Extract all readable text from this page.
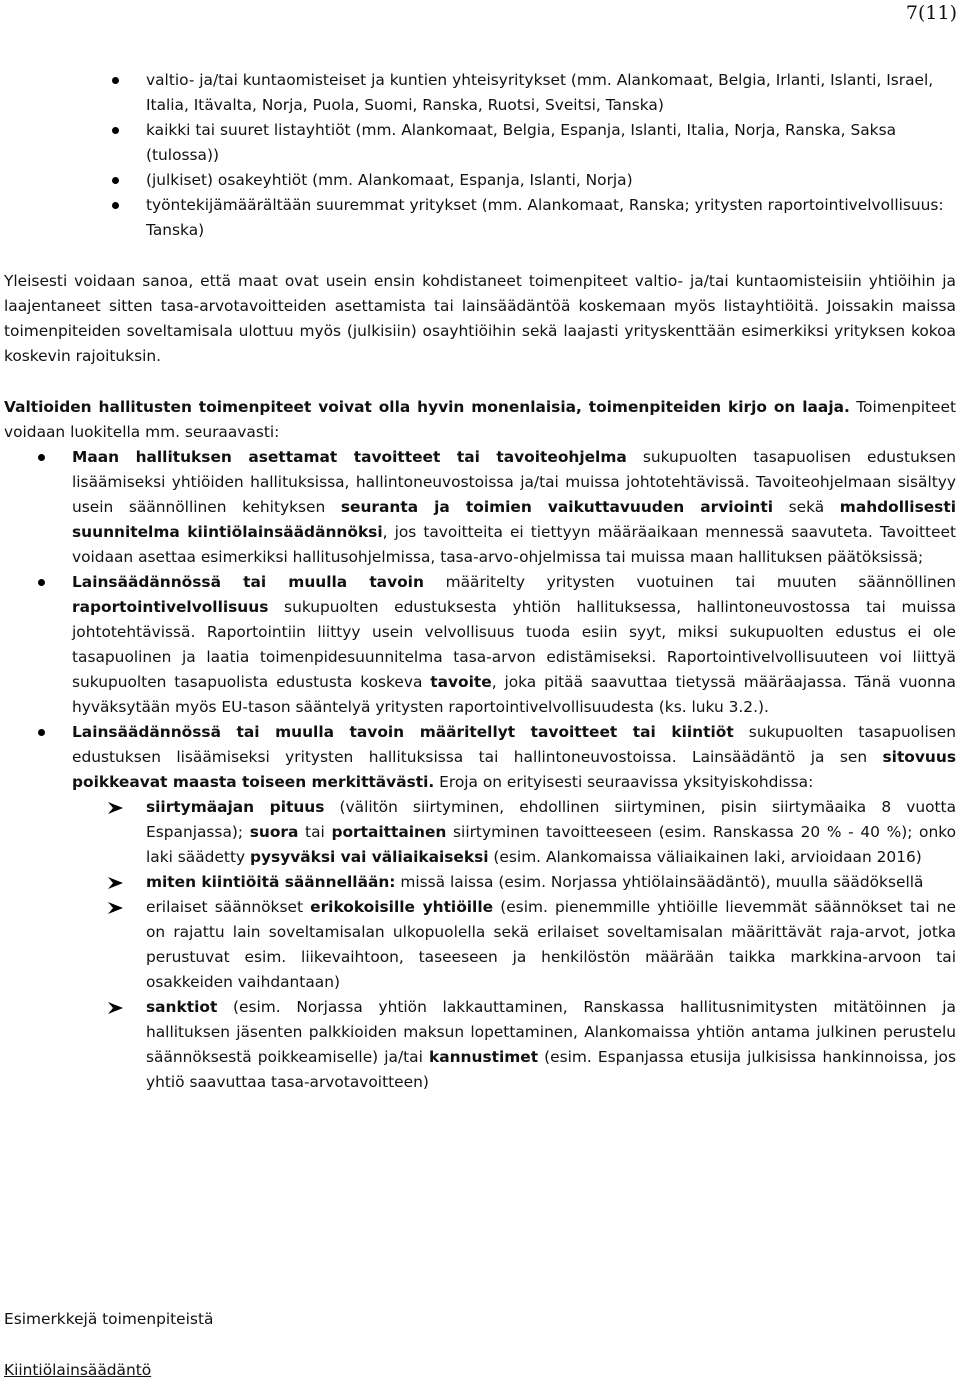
7(11)
valtio- ja/tai kuntaomisteiset ja kuntien yhteisyritykset (mm. Alankomaat, Belgia, Irlanti, Islanti, Israel, Italia, Itävalta, Norja, Puola, Suomi, Ranska, Ruotsi, Sveitsi, Tanska)
kaikki tai suuret listayhtiöt (mm. Alankomaat, Belgia, Espanja, Islanti, Italia, Norja, Ranska, Saksa (tulossa))
(julkiset) osakeyhtiöt (mm. Alankomaat, Espanja, Islanti, Norja)
työntekijämäärältään suuremmat yritykset (mm. Alankomaat, Ranska; yritysten raportointivelvollisuus: Tanska)

Yleisesti voidaan sanoa, että maat ovat usein ensin kohdistaneet toimenpiteet valtio- ja/tai kuntaomisteisiin yhtiöihin ja laajentaneet sitten tasa-arvotavoitteiden asettamista tai lainsäädäntöä koskemaan myös listayhtiöitä. Joissakin maissa toimenpiteiden soveltamisala ulottuu myös (julkisiin) osayhtiöihin sekä laajasti yrityskenttään esimerkiksi yrityksen kokoa koskevin rajoituksin.

Valtioiden hallitusten toimenpiteet voivat olla hyvin monenlaisia, toimenpiteiden kirjo on laaja. Toimenpiteet voidaan luokitella mm. seuraavasti:

Maan hallituksen asettamat tavoitteet tai tavoiteohjelma sukupuolten tasapuolisen edustuksen lisäämiseksi yhtiöiden hallituksissa, hallintoneuvostoissa ja/tai muissa johtotehtävissä. Tavoiteohjelmaan sisältyy usein säännöllinen kehityksen seuranta ja toimien vaikuttavuuden arviointi sekä mahdollisesti suunnitelma kiintiölainsäädännöksi, jos tavoitteita ei tiettyyn määräaikaan mennessä saavuteta. Tavoitteet voidaan asettaa esimerkiksi hallitusohjelmissa, tasa-arvo-ohjelmissa tai muissa maan hallituksen päätöksissä;
Lainsäädännössä tai muulla tavoin määritelty yritysten vuotuinen tai muuten säännöllinen raportointivelvollisuus sukupuolten edustuksesta yhtiön hallituksessa, hallintoneuvostossa tai muissa johtotehtävissä. Raportointiin liittyy usein velvollisuus tuoda esiin syyt, miksi sukupuolten edustus ei ole tasapuolinen ja laatia toimenpidesuunnitelma tasa-arvon edistämiseksi. Raportointivelvollisuuteen voi liittyä sukupuolten tasapuolista edustusta koskeva tavoite, joka pitää saavuttaa tietyssä määräajassa. Tänä vuonna hyväksytään myös EU-tason sääntelyä yritysten raportointivelvollisuudesta (ks. luku 3.2.).
Lainsäädännössä tai muulla tavoin määritellyt tavoitteet tai kiintiöt sukupuolten tasapuolisen edustuksen lisäämiseksi yritysten hallituksissa tai hallintoneuvostoissa. Lainsäädäntö ja sen sitovuus poikkeavat maasta toiseen merkittävästi. Eroja on erityisesti seuraavissa yksityiskohdissa:
siirtymäajan pituus (välitön siirtyminen, ehdollinen siirtyminen, pisin siirtymäaika 8 vuotta Espanjassa); suora tai portaittainen siirtyminen tavoitteeseen (esim. Ranskassa 20 % - 40 %); onko laki säädetty pysyväksi vai väliaikaiseksi (esim. Alankomaissa väliaikainen laki, arvioidaan 2016)
miten kiintiöitä säännellään: missä laissa (esim. Norjassa yhtiölainsäädäntö), muulla säädöksellä
erilaiset säännökset erikokoisille yhtiöille (esim. pienemmille yhtiöille lievemmät säännökset tai ne on rajattu lain soveltamisalan ulkopuolella sekä erilaiset soveltamisalan määrittävät raja-arvot, jotka perustuvat esim. liikevaihtoon, taseeseen ja henkilöstön määrään taikka markkina-arvoon tai osakkeiden vaihdantaan)
sanktiot (esim. Norjassa yhtiön lakkauttaminen, Ranskassa hallitusnimitysten mitätöinnen ja hallituksen jäsenten palkkioiden maksun lopettaminen, Alankomaissa yhtiön antama julkinen perustelu säännöksestä poikkeamiselle) ja/tai kannustimet (esim. Espanjassa etusija julkisissa hankinnoissa, jos yhtiö saavuttaa tasa-arvotavoitteen)
Esimerkkejä toimenpiteistä
Kiintiölainsäädäntö
